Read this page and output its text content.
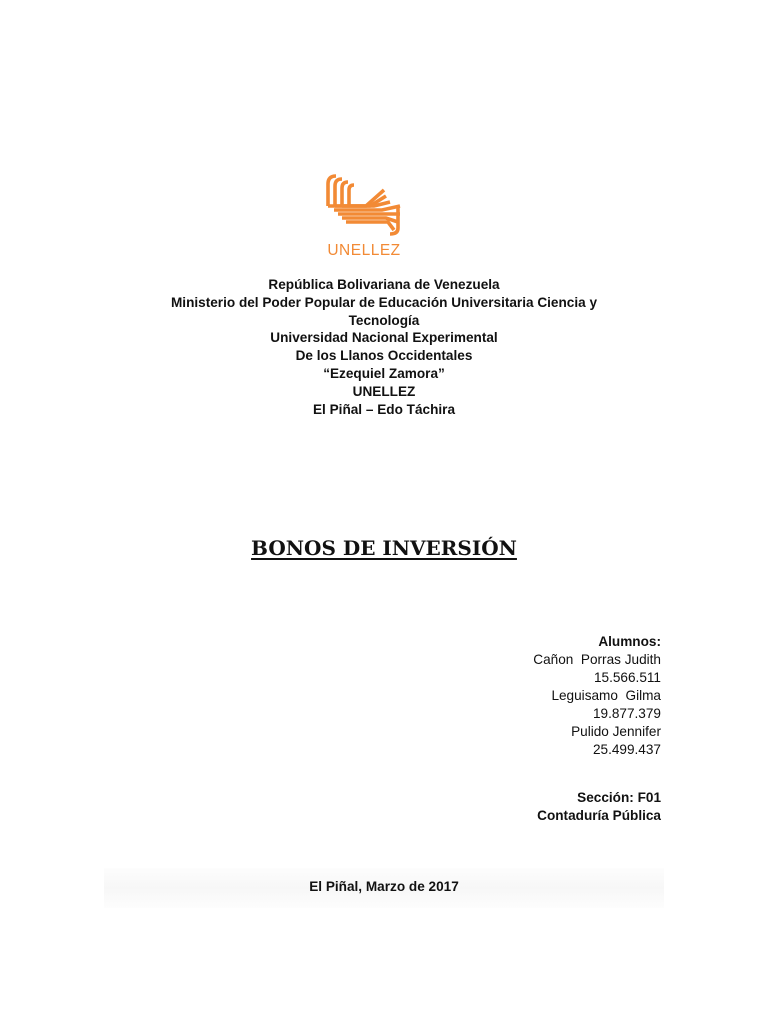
UNELLEZ
República Bolivariana de Venezuela
Ministerio del Poder Popular de Educación Universitaria Ciencia y Tecnología
Universidad Nacional Experimental
De los Llanos Occidentales
“Ezequiel Zamora”
UNELLEZ
El Piñal – Edo Táchira
BONOS DE INVERSIÓN
Alumnos:
Cañon  Porras Judith
15.566.511
Leguisamo  Gilma
19.877.379
Pulido Jennifer
25.499.437
Sección: F01
Contaduría Pública
El Piñal, Marzo de 2017
